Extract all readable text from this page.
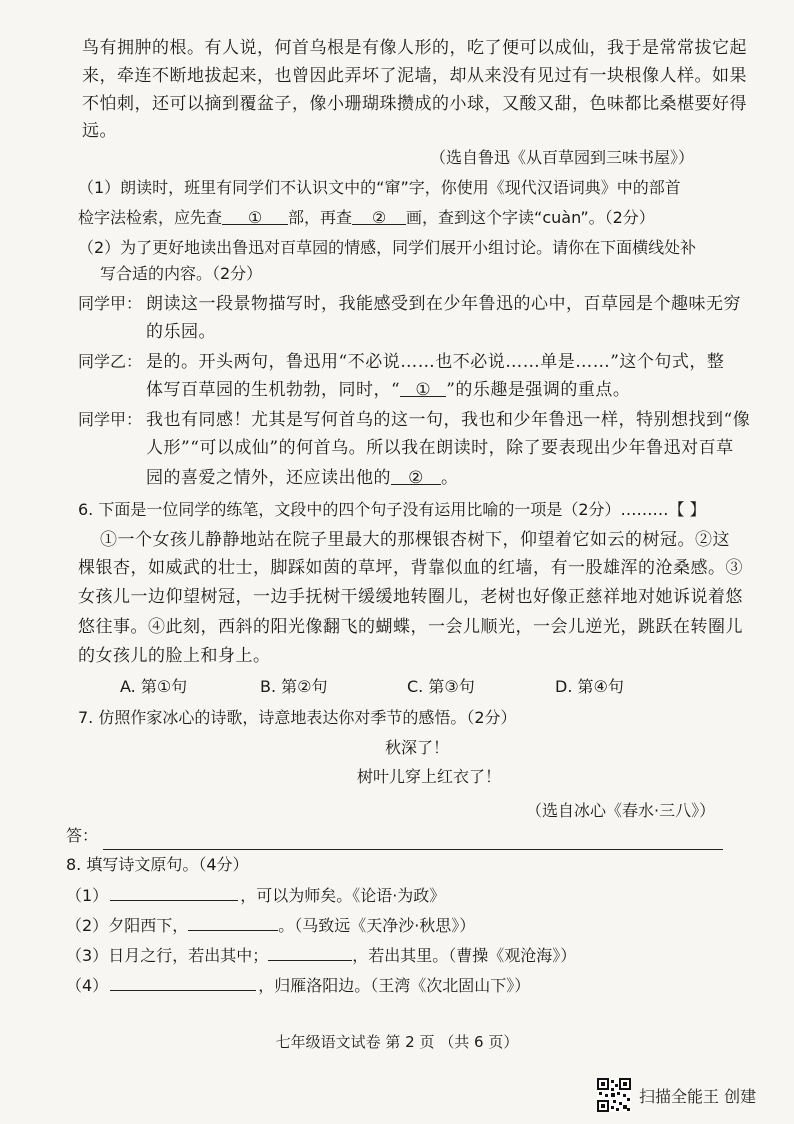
鸟有拥肿的根。有人说，何首乌根是有像人形的，吃了便可以成仙，我于是常常拔它起
来，牵连不断地拔起来，也曾因此弄坏了泥墙，却从来没有见过有一块根像人样。如果
不怕刺，还可以摘到覆盆子，像小珊瑚珠攒成的小球，又酸又甜，色味都比桑椹要好得
远。
（选自鲁迅《从百草园到三味书屋》）
（1）朗读时，班里有同学们不认识文中的“窜”字，你使用《现代汉语词典》中的部首
检字法检索，应先查 ① 部，再查 ② 画，查到这个字读“cuàn”。（2分）
（2）为了更好地读出鲁迅对百草园的情感，同学们展开小组讨论。请你在下面横线处补
写合适的内容。（2分）
同学甲： 朗读这一段景物描写时，我能感受到在少年鲁迅的心中，百草园是个趣味无穷
的乐园。
同学乙： 是的。开头两句，鲁迅用“不必说……也不必说……单是……”这个句式，整
体写百草园的生机勃勃，同时，“ ① ”的乐趣是强调的重点。
同学甲： 我也有同感！尤其是写何首乌的这一句，我也和少年鲁迅一样，特别想找到“像
人形”“可以成仙”的何首乌。所以我在朗读时，除了要表现出少年鲁迅对百草
园的喜爱之情外，还应读出他的 ② 。
6. 下面是一位同学的练笔，文段中的四个句子没有运用比喻的一项是（2分）………【 】
①一个女孩儿静静地站在院子里最大的那棵银杏树下，仰望着它如云的树冠。②这
棵银杏，如威武的壮士，脚踩如茵的草坪，背靠似血的红墙，有一股雄浑的沧桑感。③
女孩儿一边仰望树冠，一边手抚树干缓缓地转圈儿，老树也好像正慈祥地对她诉说着悠
悠往事。④此刻，西斜的阳光像翻飞的蝴蝶，一会儿顺光，一会儿逆光，跳跃在转圈儿
的女孩儿的脸上和身上。
A. 第①句	B. 第②句	C. 第③句	D. 第④句
7. 仿照作家冰心的诗歌，诗意地表达你对季节的感悟。（2分）
秋深了！
树叶儿穿上红衣了！
（选自冰心《春水·三八》）
答：
8. 填写诗文原句。（4分）
（1）	，可以为师矣。《论语·为政》
（2）夕阳西下，	。（马致远《天净沙·秋思》）
（3）日月之行，若出其中；	，若出其里。（曹操《观沧海》）
（4）	，归雁洛阳边。（王湾《次北固山下》）
七年级语文试卷 第 2 页 （共 6 页）
扫描全能王 创建
